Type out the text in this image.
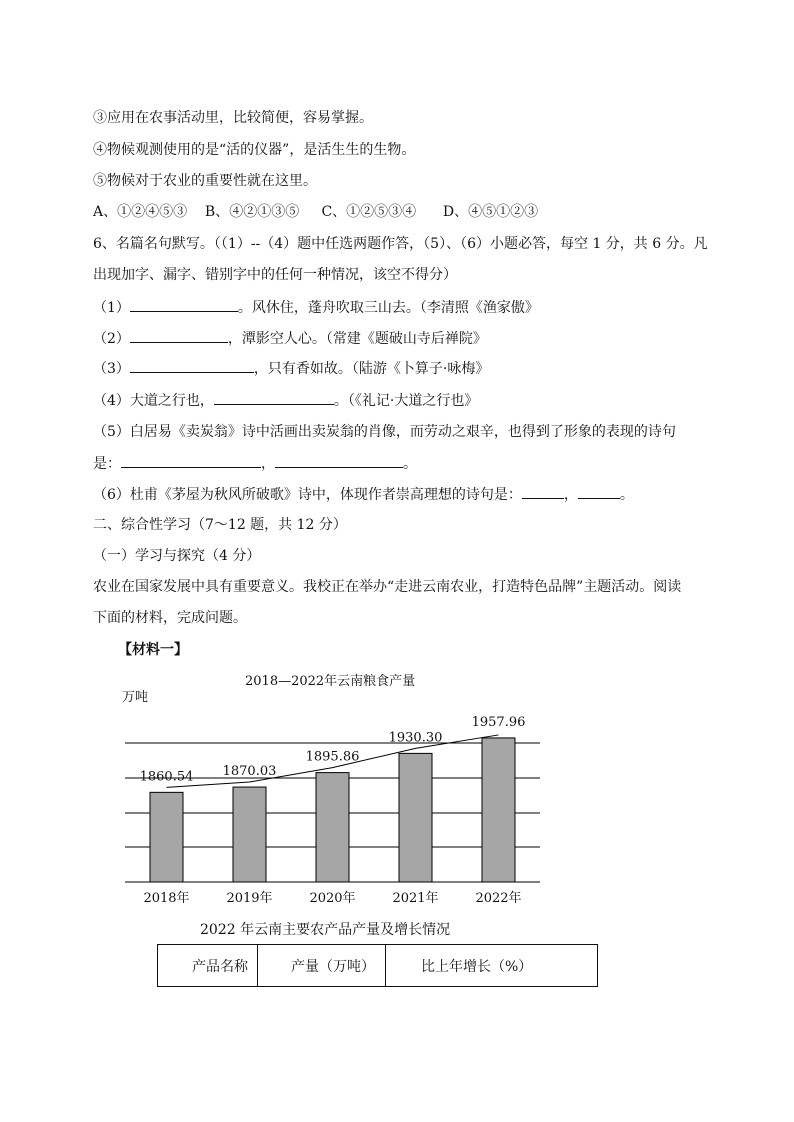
③应用在农事活动里，比较简便，容易掌握。
④物候观测使用的是“活的仪器”，是活生生的生物。
⑤物候对于农业的重要性就在这里。
A、①②④⑤③    B、④②①③⑤     C、①②⑤③④      D、④⑤①②③
6、名篇名句默写。（（1）--（4）题中任选两题作答，（5）、（6）小题必答，每空 1 分，共 6 分。凡
出现加字、漏字、错别字中的任何一种情况，该空不得分）
（1）	。风休住，蓬舟吹取三山去。（李清照《渔家傲》
（2）	，潭影空人心。（常建《题破山寺后禅院》
（3）	，只有香如故。（陆游《卜算子·咏梅》
（4）大道之行也，	。（《礼记·大道之行也》
（5）白居易《卖炭翁》诗中活画出卖炭翁的肖像，而劳动之艰辛，也得到了形象的表现的诗句
是：	，	。
（6）杜甫《茅屋为秋风所破歌》诗中，体现作者崇高理想的诗句是：	，	。
二、综合性学习（7～12 题，共 12 分）
（一）学习与探究（4 分）
农业在国家发展中具有重要意义。我校正在举办“走进云南农业，打造特色品牌”主题活动。阅读
下面的材料，完成问题。
【材料一】
2018—2022年云南粮食产量
万吨
1860.54
2018年
1870.03
2019年
1895.86
2020年
1930.30
2021年
1957.96
2022年
2022 年云南主要农产品产量及增长情况
产品名称	产量（万吨）	比上年增长（%）
